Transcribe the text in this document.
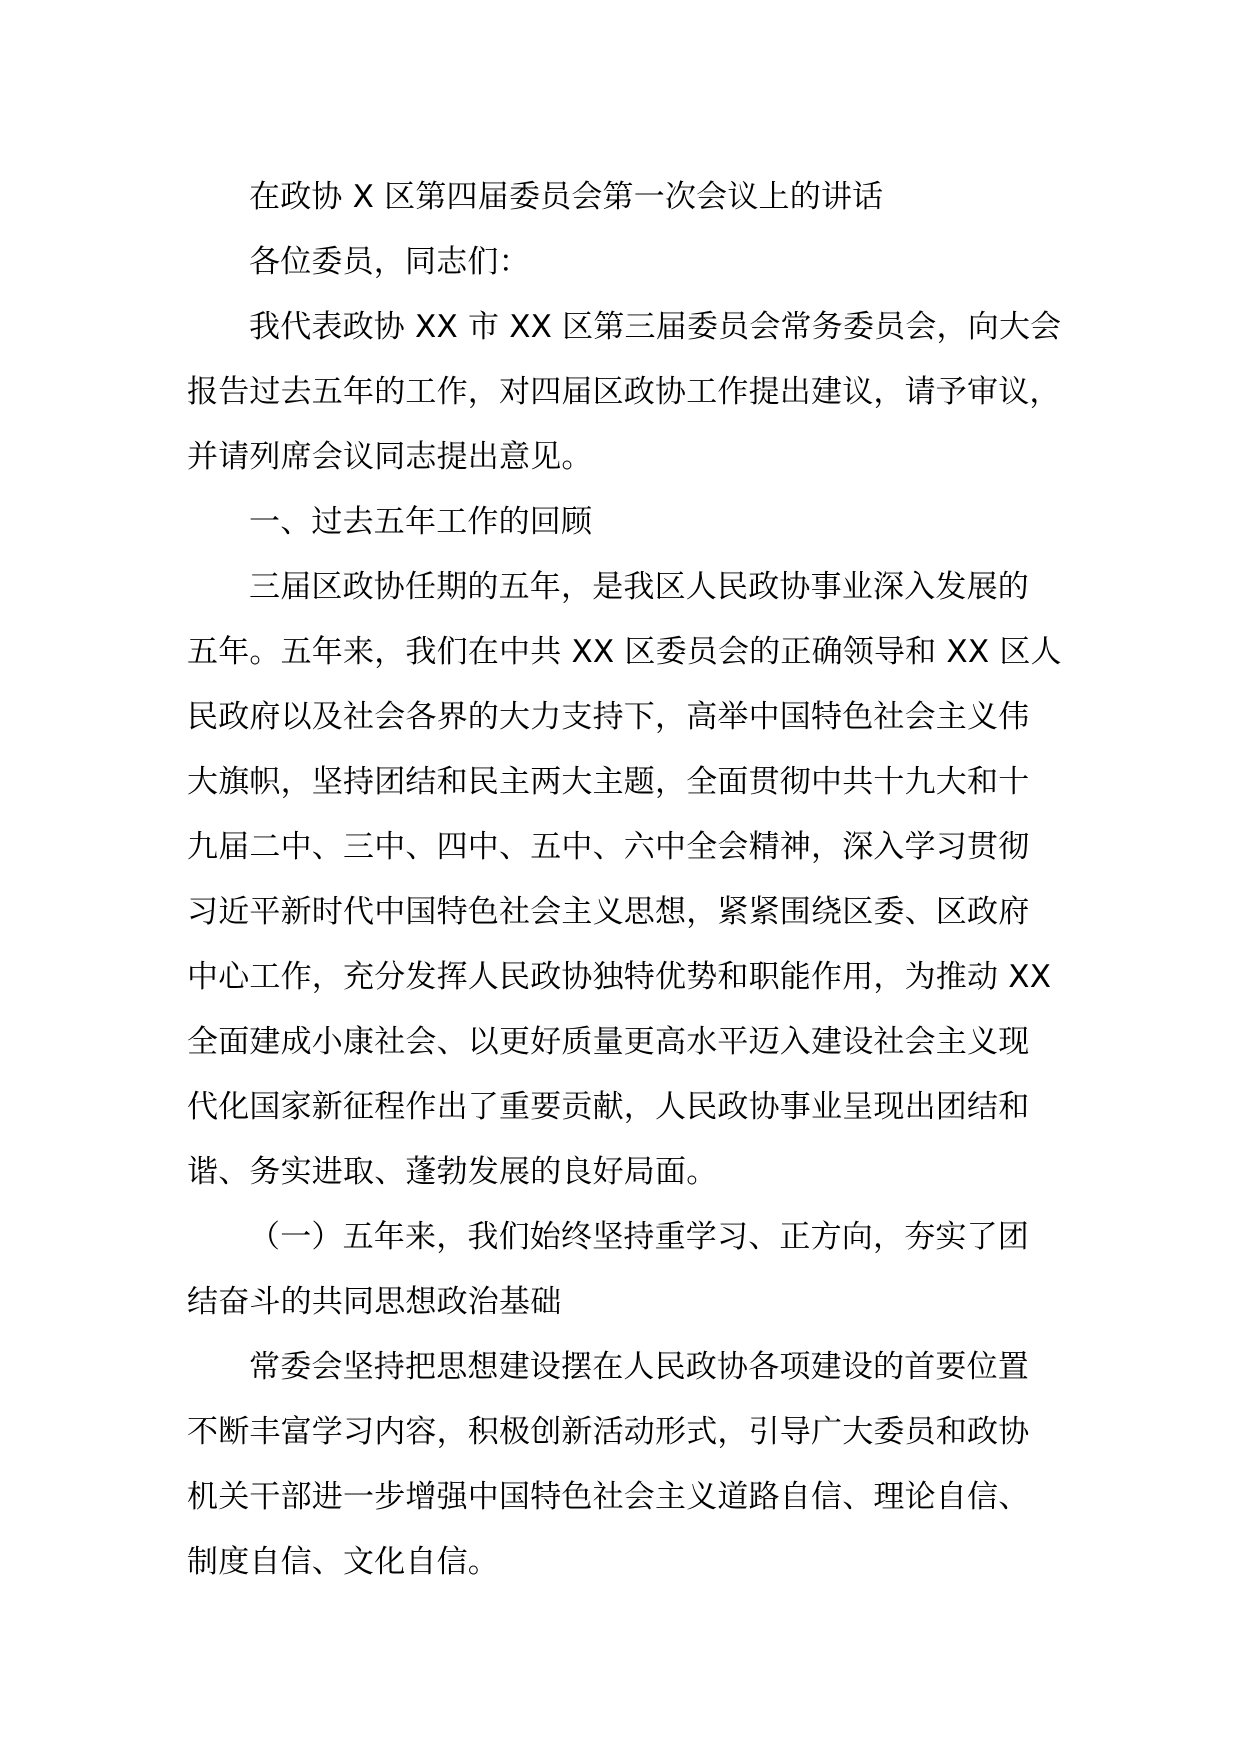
在政协 X 区第四届委员会第一次会议上的讲话
各位委员，同志们：
我代表政协 XX 市 XX 区第三届委员会常务委员会，向大会
报告过去五年的工作，对四届区政协工作提出建议，请予审议，
并请列席会议同志提出意见。
一、过去五年工作的回顾
三届区政协任期的五年，是我区人民政协事业深入发展的
五年。五年来，我们在中共 XX 区委员会的正确领导和 XX 区人
民政府以及社会各界的大力支持下，高举中国特色社会主义伟
大旗帜，坚持团结和民主两大主题，全面贯彻中共十九大和十
九届二中、三中、四中、五中、六中全会精神，深入学习贯彻
习近平新时代中国特色社会主义思想，紧紧围绕区委、区政府
中心工作，充分发挥人民政协独特优势和职能作用，为推动 XX
全面建成小康社会、以更好质量更高水平迈入建设社会主义现
代化国家新征程作出了重要贡献，人民政协事业呈现出团结和
谐、务实进取、蓬勃发展的良好局面。
（一）五年来，我们始终坚持重学习、正方向，夯实了团
结奋斗的共同思想政治基础
常委会坚持把思想建设摆在人民政协各项建设的首要位置
不断丰富学习内容，积极创新活动形式，引导广大委员和政协
机关干部进一步增强中国特色社会主义道路自信、理论自信、
制度自信、文化自信。
